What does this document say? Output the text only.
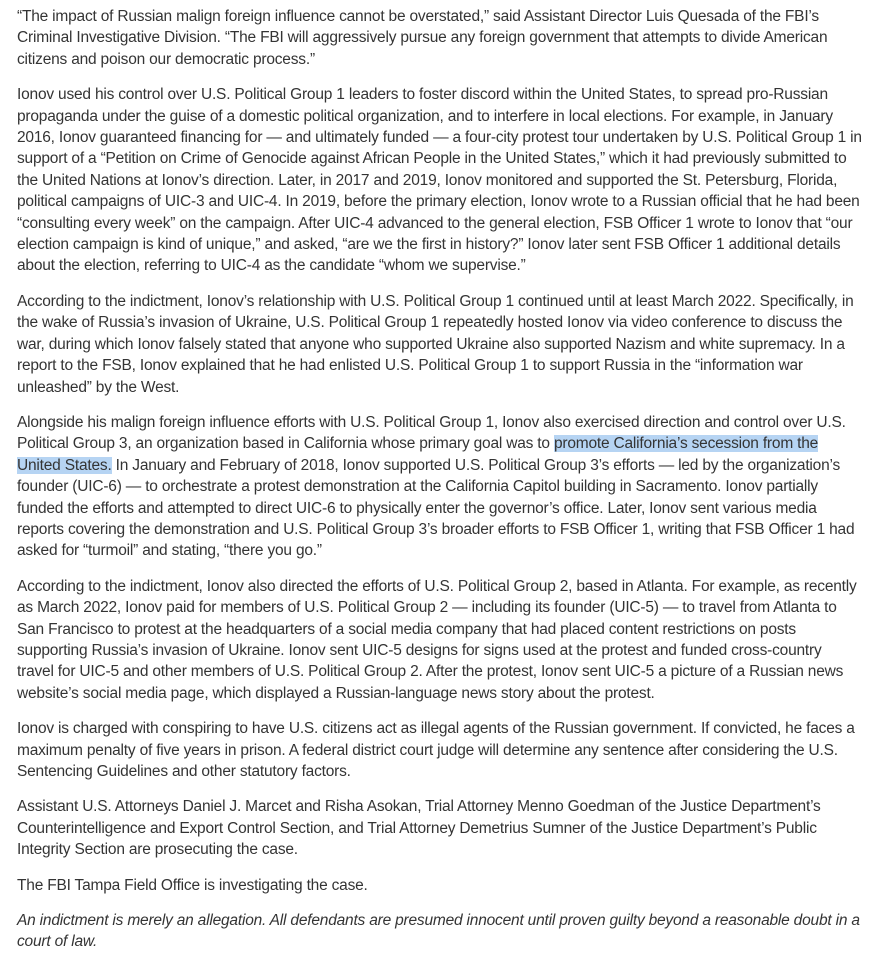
“The impact of Russian malign foreign influence cannot be overstated,” said Assistant Director Luis Quesada of the FBI’s Criminal Investigative Division. “The FBI will aggressively pursue any foreign government that attempts to divide American citizens and poison our democratic process.”

Ionov used his control over U.S. Political Group 1 leaders to foster discord within the United States, to spread pro-Russian propaganda under the guise of a domestic political organization, and to interfere in local elections. For example, in January 2016, Ionov guaranteed financing for — and ultimately funded — a four-city protest tour undertaken by U.S. Political Group 1 in support of a “Petition on Crime of Genocide against African People in the United States,” which it had previously submitted to the United Nations at Ionov’s direction. Later, in 2017 and 2019, Ionov monitored and supported the St. Petersburg, Florida, political campaigns of UIC-3 and UIC-4. In 2019, before the primary election, Ionov wrote to a Russian official that he had been “consulting every week” on the campaign. After UIC-4 advanced to the general election, FSB Officer 1 wrote to Ionov that “our election campaign is kind of unique,” and asked, “are we the first in history?” Ionov later sent FSB Officer 1 additional details about the election, referring to UIC-4 as the candidate “whom we supervise.”

According to the indictment, Ionov’s relationship with U.S. Political Group 1 continued until at least March 2022. Specifically, in the wake of Russia’s invasion of Ukraine, U.S. Political Group 1 repeatedly hosted Ionov via video conference to discuss the war, during which Ionov falsely stated that anyone who supported Ukraine also supported Nazism and white supremacy. In a report to the FSB, Ionov explained that he had enlisted U.S. Political Group 1 to support Russia in the “information war unleashed” by the West.

Alongside his malign foreign influence efforts with U.S. Political Group 1, Ionov also exercised direction and control over U.S. Political Group 3, an organization based in California whose primary goal was to promote California’s secession from the United States. In January and February of 2018, Ionov supported U.S. Political Group 3’s efforts — led by the organization’s founder (UIC-6) — to orchestrate a protest demonstration at the California Capitol building in Sacramento. Ionov partially funded the efforts and attempted to direct UIC-6 to physically enter the governor’s office. Later, Ionov sent various media reports covering the demonstration and U.S. Political Group 3’s broader efforts to FSB Officer 1, writing that FSB Officer 1 had asked for “turmoil” and stating, “there you go.”

According to the indictment, Ionov also directed the efforts of U.S. Political Group 2, based in Atlanta. For example, as recently as March 2022, Ionov paid for members of U.S. Political Group 2 — including its founder (UIC-5) — to travel from Atlanta to San Francisco to protest at the headquarters of a social media company that had placed content restrictions on posts supporting Russia’s invasion of Ukraine. Ionov sent UIC-5 designs for signs used at the protest and funded cross-country travel for UIC-5 and other members of U.S. Political Group 2. After the protest, Ionov sent UIC-5 a picture of a Russian news website’s social media page, which displayed a Russian-language news story about the protest.

Ionov is charged with conspiring to have U.S. citizens act as illegal agents of the Russian government. If convicted, he faces a maximum penalty of five years in prison. A federal district court judge will determine any sentence after considering the U.S. Sentencing Guidelines and other statutory factors.

Assistant U.S. Attorneys Daniel J. Marcet and Risha Asokan, Trial Attorney Menno Goedman of the Justice Department’s Counterintelligence and Export Control Section, and Trial Attorney Demetrius Sumner of the Justice Department’s Public Integrity Section are prosecuting the case.

The FBI Tampa Field Office is investigating the case.

An indictment is merely an allegation. All defendants are presumed innocent until proven guilty beyond a reasonable doubt in a court of law.
